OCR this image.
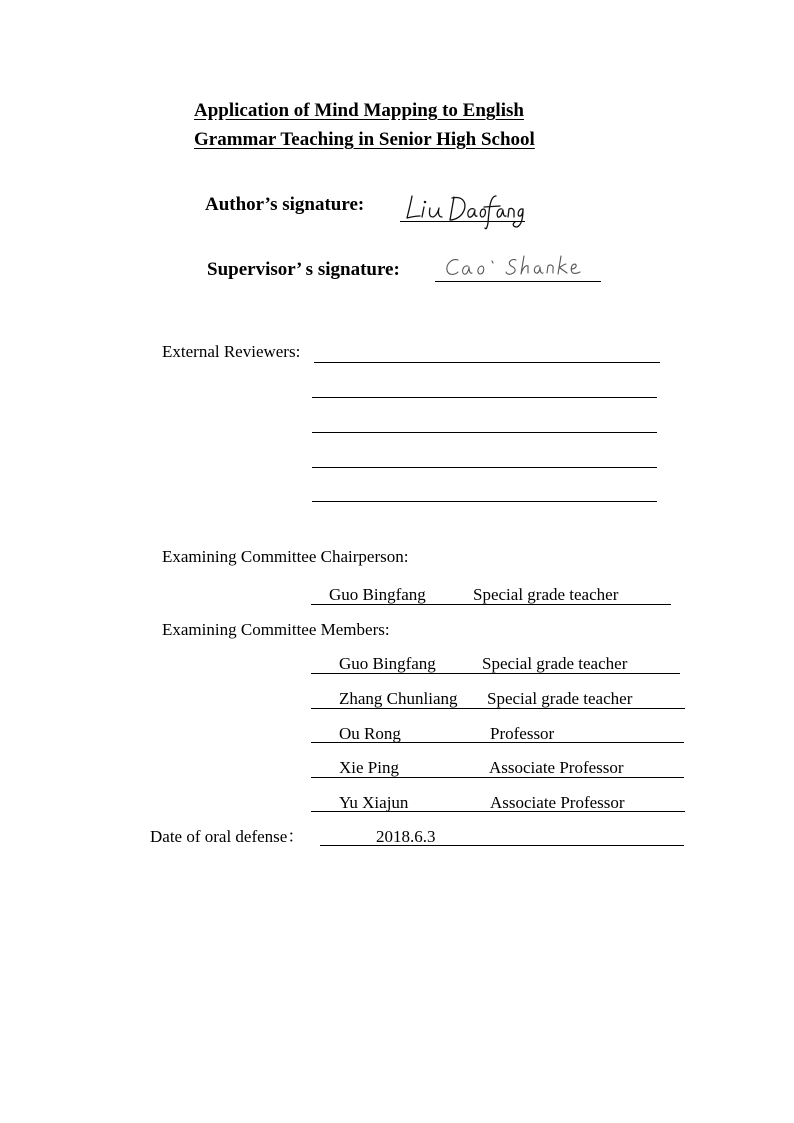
Application of Mind Mapping to English
Grammar Teaching in Senior High School
Author’s signature:
Supervisor’ s signature:
External Reviewers:
Examining Committee Chairperson:
Guo Bingfang	Special grade teacher
Examining Committee Members:
Guo Bingfang	Special grade teacher
Zhang Chunliang Special grade teacher
Ou Rong	Professor
Xie Ping	Associate Professor
Yu Xiajun	Associate Professor
Date of oral defense：	2018.6.3
